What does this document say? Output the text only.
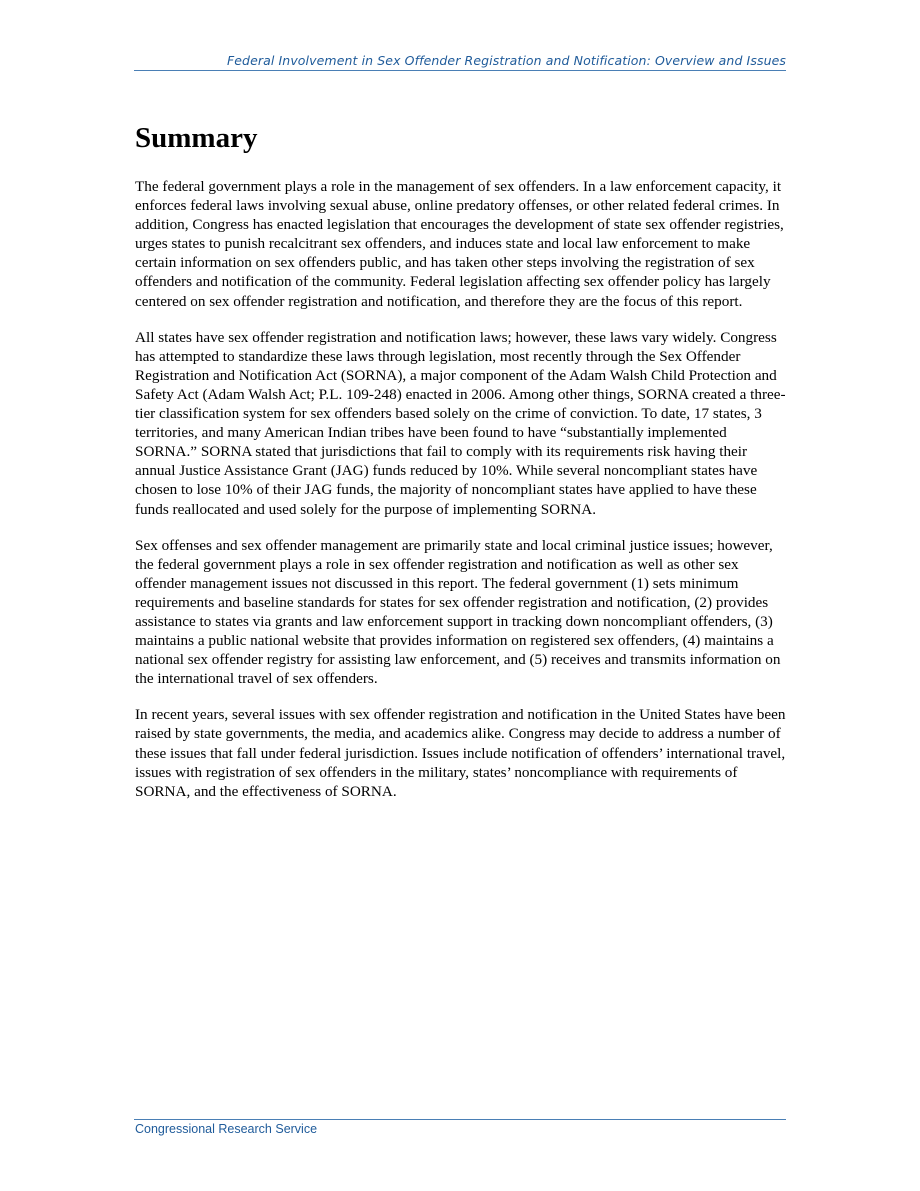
Federal Involvement in Sex Offender Registration and Notification: Overview and Issues
Summary

The federal government plays a role in the management of sex offenders. In a law enforcement capacity, it enforces federal laws involving sexual abuse, online predatory offenses, or other related federal crimes. In addition, Congress has enacted legislation that encourages the development of state sex offender registries, urges states to punish recalcitrant sex offenders, and induces state and local law enforcement to make certain information on sex offenders public, and has taken other steps involving the registration of sex offenders and notification of the community. Federal legislation affecting sex offender policy has largely centered on sex offender registration and notification, and therefore they are the focus of this report.

All states have sex offender registration and notification laws; however, these laws vary widely. Congress has attempted to standardize these laws through legislation, most recently through the Sex Offender Registration and Notification Act (SORNA), a major component of the Adam Walsh Child Protection and Safety Act (Adam Walsh Act; P.L. 109-248) enacted in 2006. Among other things, SORNA created a three-tier classification system for sex offenders based solely on the crime of conviction. To date, 17 states, 3 territories, and many American Indian tribes have been found to have “substantially implemented SORNA.” SORNA stated that jurisdictions that fail to comply with its requirements risk having their annual Justice Assistance Grant (JAG) funds reduced by 10%. While several noncompliant states have chosen to lose 10% of their JAG funds, the majority of noncompliant states have applied to have these funds reallocated and used solely for the purpose of implementing SORNA.

Sex offenses and sex offender management are primarily state and local criminal justice issues; however, the federal government plays a role in sex offender registration and notification as well as other sex offender management issues not discussed in this report. The federal government (1) sets minimum requirements and baseline standards for states for sex offender registration and notification, (2) provides assistance to states via grants and law enforcement support in tracking down noncompliant offenders, (3) maintains a public national website that provides information on registered sex offenders, (4) maintains a national sex offender registry for assisting law enforcement, and (5) receives and transmits information on the international travel of sex offenders.

In recent years, several issues with sex offender registration and notification in the United States have been raised by state governments, the media, and academics alike. Congress may decide to address a number of these issues that fall under federal jurisdiction. Issues include notification of offenders’ international travel, issues with registration of sex offenders in the military, states’ noncompliance with requirements of SORNA, and the effectiveness of SORNA.

Congressional Research Service
